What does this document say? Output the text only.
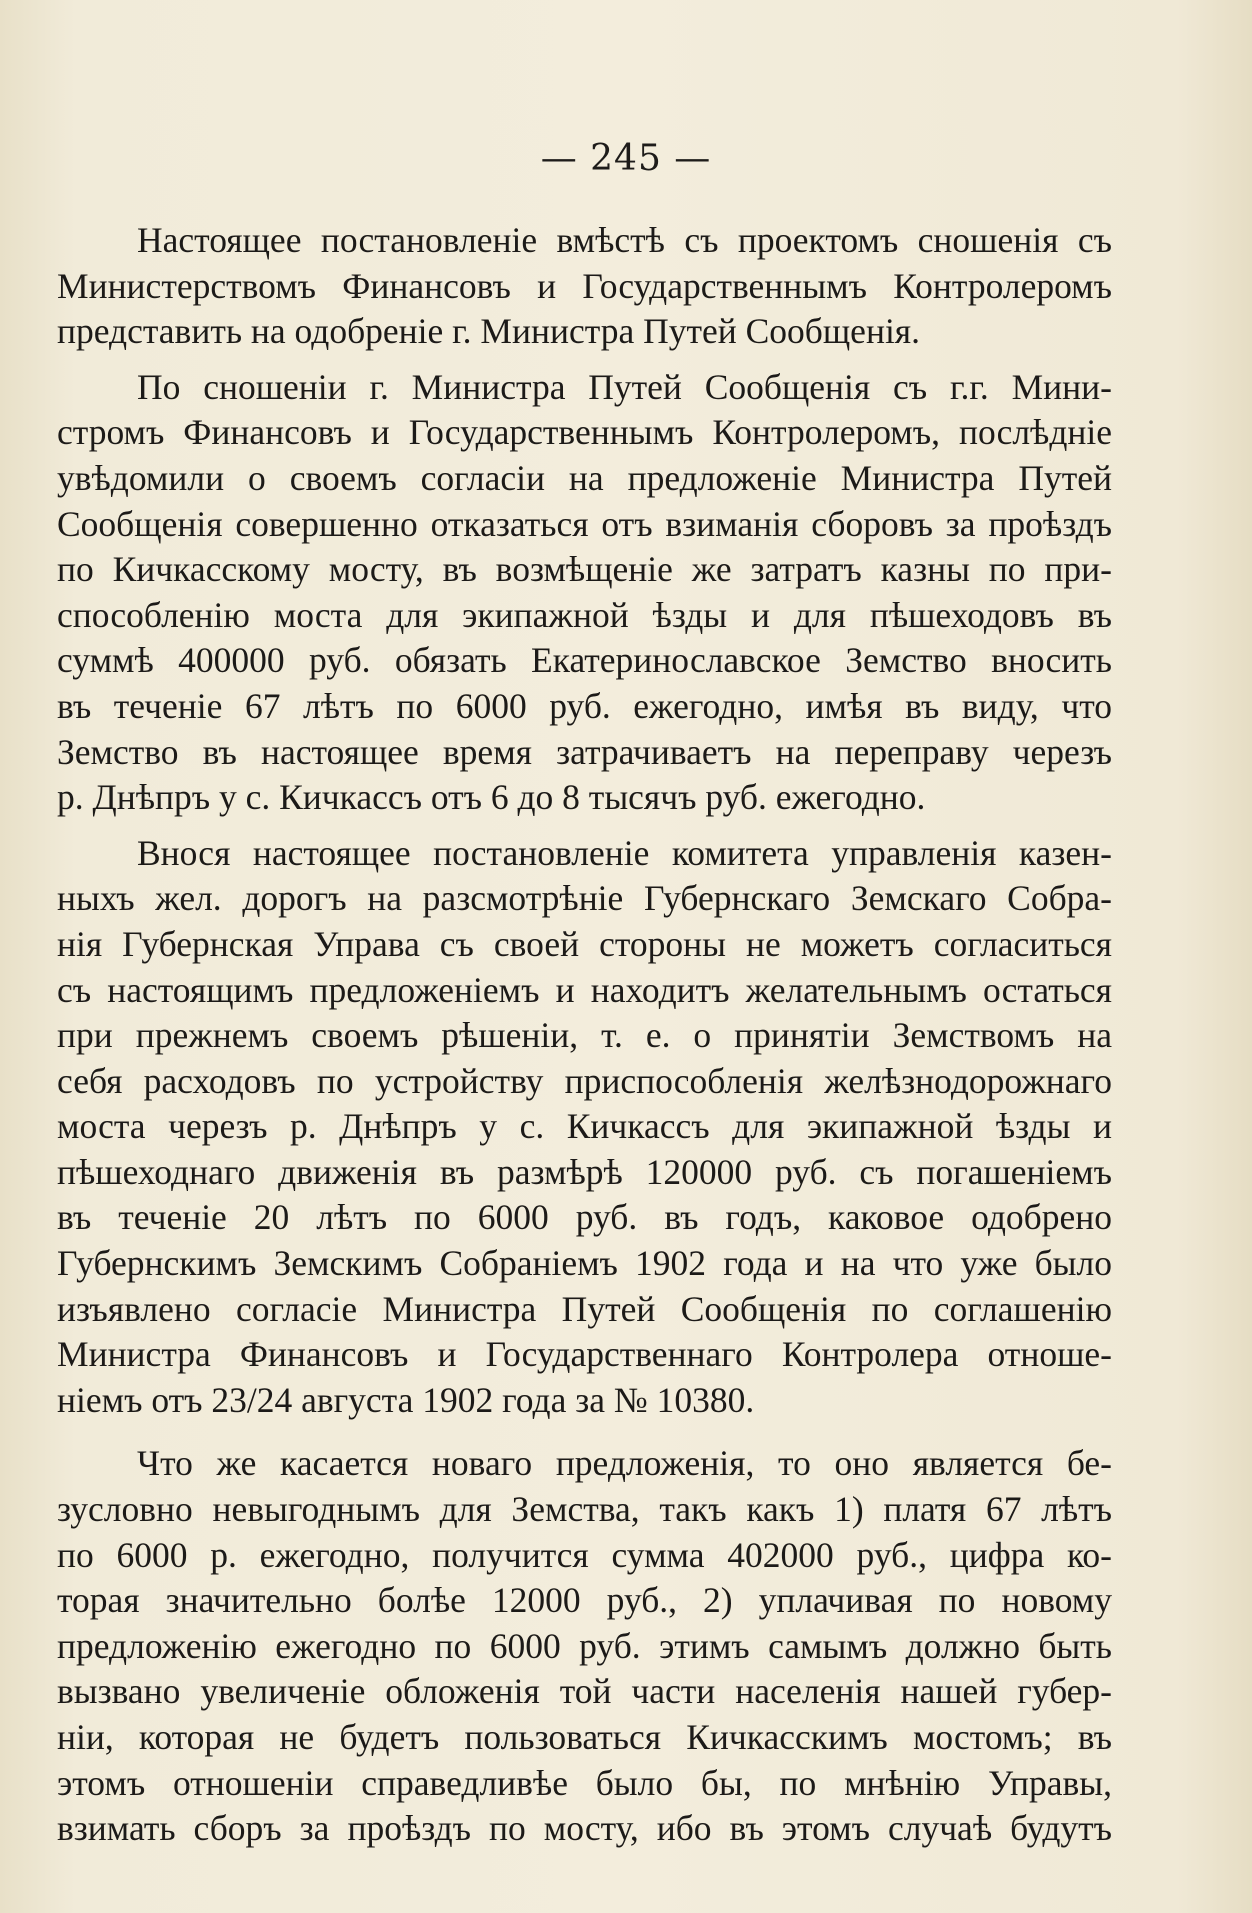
— 245 —
Настоящее постановленіе вмѣстѣ съ проектомъ сношенія съ
Министерствомъ Финансовъ и Государственнымъ Контролеромъ
представить на одобреніе г. Министра Путей Сообщенія.
По сношеніи г. Министра Путей Сообщенія съ г.г. Мини-
стромъ Финансовъ и Государственнымъ Контролеромъ, послѣдніе
увѣдомили о своемъ согласіи на предложеніе Министра Путей
Сообщенія совершенно отказаться отъ взиманія сборовъ за проѣздъ
по Кичкасскому мосту, въ возмѣщеніе же затратъ казны по при-
способленію моста для экипажной ѣзды и для пѣшеходовъ въ
суммѣ 400000 руб. обязать Екатеринославское Земство вносить
въ теченіе 67 лѣтъ по 6000 руб. ежегодно, имѣя въ виду, что
Земство въ настоящее время затрачиваетъ на переправу черезъ
р. Днѣпръ у с. Кичкассъ отъ 6 до 8 тысячъ руб. ежегодно.
Внося настоящее постановленіе комитета управленія казен-
ныхъ жел. дорогъ на разсмотрѣніе Губернскаго Земскаго Собра-
нія Губернская Управа съ своей стороны не можетъ согласиться
съ настоящимъ предложеніемъ и находитъ желательнымъ остаться
при прежнемъ своемъ рѣшеніи, т. е. о принятіи Земствомъ на
себя расходовъ по устройству приспособленія желѣзнодорожнаго
моста черезъ р. Днѣпръ у с. Кичкассъ для экипажной ѣзды и
пѣшеходнаго движенія въ размѣрѣ 120000 руб. съ погашеніемъ
въ теченіе 20 лѣтъ по 6000 руб. въ годъ, каковое одобрено
Губернскимъ Земскимъ Собраніемъ 1902 года и на что уже было
изъявлено согласіе Министра Путей Сообщенія по соглашенію
Министра Финансовъ и Государственнаго Контролера отноше-
ніемъ отъ 23/24 августа 1902 года за № 10380.
Что же касается новаго предложенія, то оно является бе-
зусловно невыгоднымъ для Земства, такъ какъ 1) платя 67 лѣтъ
по 6000 р. ежегодно, получится сумма 402000 руб., цифра ко-
торая значительно болѣе 12000 руб., 2) уплачивая по новому
предложенію ежегодно по 6000 руб. этимъ самымъ должно быть
вызвано увеличеніе обложенія той части населенія нашей губер-
ніи, которая не будетъ пользоваться Кичкасскимъ мостомъ; въ
этомъ отношеніи справедливѣе было бы, по мнѣнію Управы,
взимать сборъ за проѣздъ по мосту, ибо въ этомъ случаѣ будутъ
